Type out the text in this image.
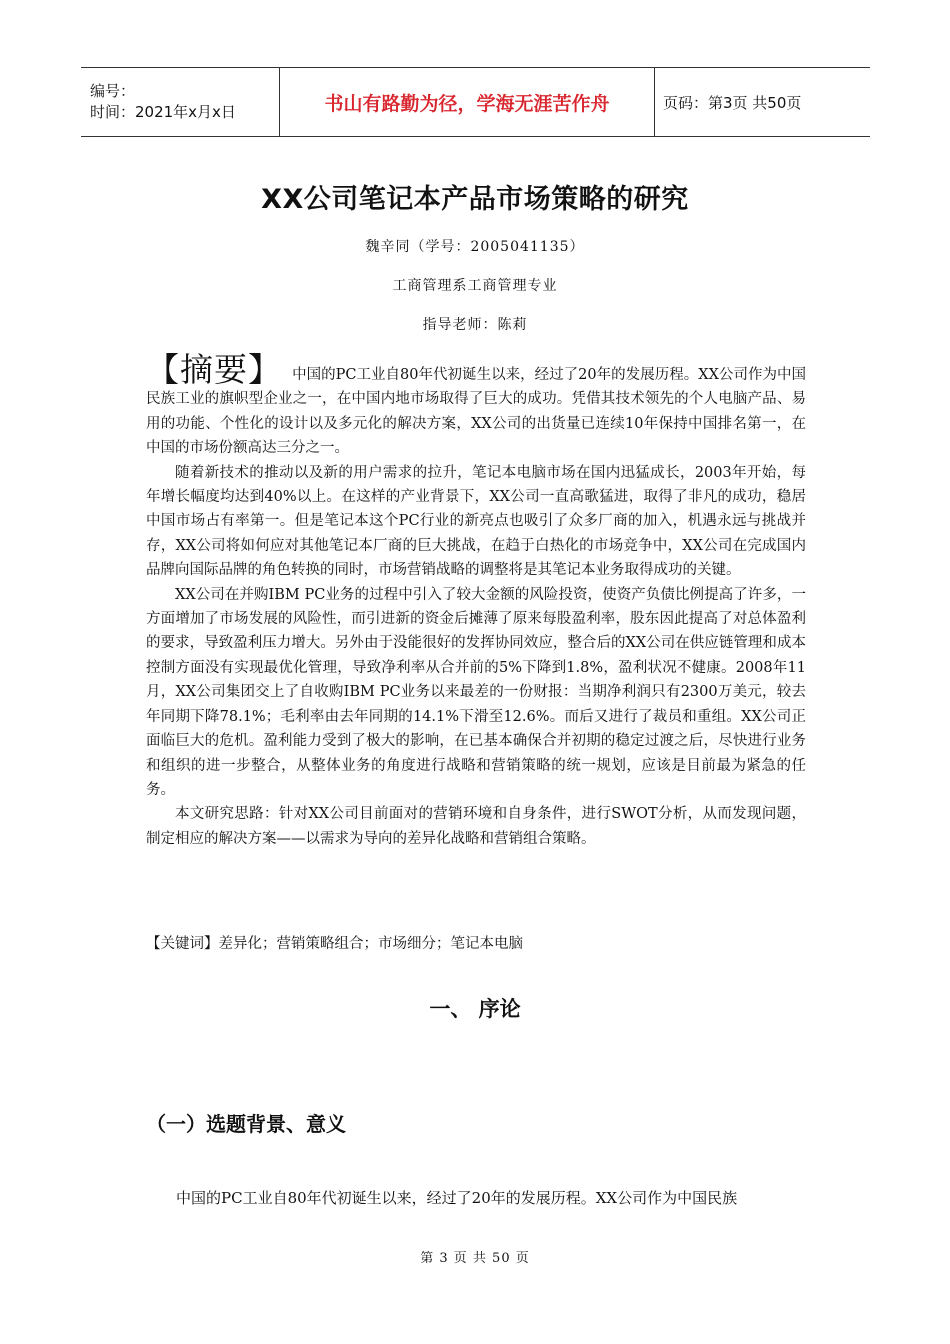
编号：
时间：2021年x月x日	书山有路勤为径，学海无涯苦作舟	页码：第3页 共50页
XX公司笔记本产品市场策略的研究
魏辛同（学号：2005041135）
工商管理系工商管理专业
指导老师：陈莉

【摘要】 中国的PC工业自80年代初诞生以来，经过了20年的发展历程。XX公司作为中国民族工业的旗帜型企业之一，在中国内地市场取得了巨大的成功。凭借其技术领先的个人电脑产品、易用的功能、个性化的设计以及多元化的解决方案，XX公司的出货量已连续10年保持中国排名第一，在中国的市场份额高达三分之一。

随着新技术的推动以及新的用户需求的拉升，笔记本电脑市场在国内迅猛成长，2003年开始，每年增长幅度均达到40%以上。在这样的产业背景下，XX公司一直高歌猛进，取得了非凡的成功，稳居中国市场占有率第一。但是笔记本这个PC行业的新亮点也吸引了众多厂商的加入，机遇永远与挑战并存，XX公司将如何应对其他笔记本厂商的巨大挑战，在趋于白热化的市场竞争中，XX公司在完成国内品牌向国际品牌的角色转换的同时，市场营销战略的调整将是其笔记本业务取得成功的关键。

XX公司在并购IBM PC业务的过程中引入了较大金额的风险投资，使资产负债比例提高了许多，一方面增加了市场发展的风险性，而引进新的资金后摊薄了原来每股盈利率，股东因此提高了对总体盈利的要求，导致盈利压力增大。另外由于没能很好的发挥协同效应，整合后的XX公司在供应链管理和成本控制方面没有实现最优化管理，导致净利率从合并前的5%下降到1.8%，盈利状况不健康。2008年11月，XX公司集团交上了自收购IBM PC业务以来最差的一份财报：当期净利润只有2300万美元，较去年同期下降78.1%；毛利率由去年同期的14.1%下滑至12.6%。而后又进行了裁员和重组。XX公司正面临巨大的危机。盈利能力受到了极大的影响，在已基本确保合并初期的稳定过渡之后，尽快进行业务和组织的进一步整合，从整体业务的角度进行战略和营销策略的统一规划，应该是目前最为紧急的任务。

本文研究思路：针对XX公司目前面对的营销环境和自身条件，进行SWOT分析，从而发现问题，制定相应的解决方案——以需求为导向的差异化战略和营销组合策略。

【关键词】差异化；营销策略组合；市场细分；笔记本电脑
一、 序论
（一）选题背景、意义
中国的PC工业自80年代初诞生以来，经过了20年的发展历程。XX公司作为中国民族
第 3 页 共 50 页
